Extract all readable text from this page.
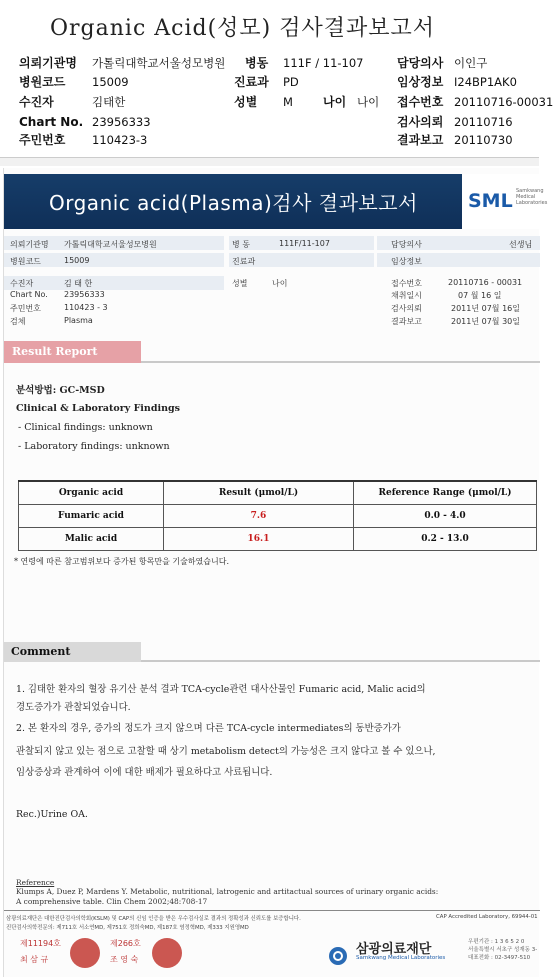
Organic Acid(성모) 검사결과보고서
의뢰기관명 가톨릭대학교서울성모병원 병동 111F / 11-107	담당의사 이인구
병원코드 15009	진료과 PD	임상정보 I24BP1AK0
수진자	김태한	성별 M	나이 나이 접수번호 20110716-00031
Chart No. 23956333	검사의뢰 20110716
주민번호 110423-3	결과보고 20110730
Organic acid(Plasma)검사 결과보고서	SML Samkwang Medical Laboratories
의뢰기관명 가톨릭대학교서울성모병원	병 동	111F/11-107	담당의사	선생님
병원코드	15009	진료과	임상정보
수진자	김 태 한	성별	나이	접수번호	20110716 - 00031
Chart No. 23956333	채취일시	07 월 16 일
주민번호	110423 - 3	검사의뢰	2011년 07월 16일
검체	Plasma	결과보고	2011년 07월 30일
Result Report
분석방법: GC-MSD
Clinical & Laboratory Findings
- Clinical findings: unknown
- Laboratory findings: unknown
Organic acid	Result (μmol/L)	Reference Range (μmol/L)
Fumaric acid	7.6	0.0 - 4.0
Malic acid	16.1	0.2 - 13.0
* 연령에 따른 참고범위보다 증가된 항목만을 기술하였습니다.
Comment
1. 김태한 환자의 혈장 유기산 분석 결과 TCA-cycle관련 대사산물인 Fumaric acid, Malic acid의
경도증가가 관찰되었습니다.
2. 본 환자의 경우, 증가의 정도가 크지 않으며 다른 TCA-cycle intermediates의 동반증가가
관찰되지 않고 있는 점으로 고찰할 때 상기 metabolism detect의 가능성은 크지 않다고 볼 수 있으나,
임상증상과 관계하여 이에 대한 배제가 필요하다고 사료됩니다.
Rec.)Urine OA.
Reference
Klumps A, Duez P, Mardens Y. Metabolic, nutritional, latrogenic and artitactual sources of urinary organic acids:
A comprehensive table. Clin Chem 2002;48:708-17
삼광의료재단은 대한진단검사의학회(KSLM) 및 CAP의 신임 인증을 받은 우수검사실로 결과의 정확성과 신뢰도를 보증합니다.	CAP Accredited Laboratory, 69944-01
진단검사의학전문의: 제711호 서소연MD, 제751호 정희숙MD, 제187호 염정혁MD, 제333 지원영MD
제11194호
최 삼 규
제266호
조 영 숙
삼광의료재단
Samkwang Medical Laboratories
우편기관 : 1 3 6 5 2 0
서울특별시 서초구 성재동 3-
대표전화 : 02-3497-510
